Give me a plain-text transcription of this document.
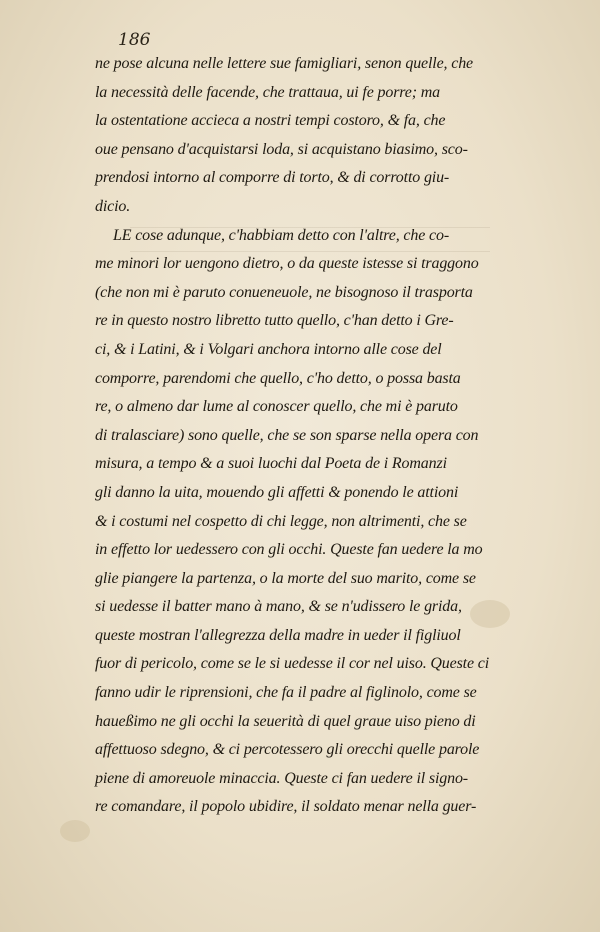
186
ne pose alcuna nelle lettere sue famigliari, senon quelle, che
la necessità delle facende, che trattaua, ui fe porre; ma
la ostentatione accieca a nostri tempi costoro, & fa, che
oue pensano d'acquistarsi loda, si acquistano biasimo, sco-
prendosi intorno al comporre di torto, & di corrotto giu-
dicio.
LE cose adunque, c'habbiam detto con l'altre, che co-
me minori lor uengono dietro, o da queste istesse si traggono
(che non mi è paruto conueneuole, ne bisognoso il trasporta
re in questo nostro libretto tutto quello, c'han detto i Gre-
ci, & i Latini, & i Volgari anchora intorno alle cose del
comporre, parendomi che quello, c'ho detto, o possa basta
re, o almeno dar lume al conoscer quello, che mi è paruto
di tralasciare) sono quelle, che se son sparse nella opera con
misura, a tempo & a suoi luochi dal Poeta de i Romanzi
gli danno la uita, mouendo gli affetti & ponendo le attioni
& i costumi nel cospetto di chi legge, non altrimenti, che se
in effetto lor uedessero con gli occhi. Queste fan uedere la mo
glie piangere la partenza, o la morte del suo marito, come se
si uedesse il batter mano à mano, & se n'udissero le grida,
queste mostran l'allegrezza della madre in ueder il figliuol
fuor di pericolo, come se le si uedesse il cor nel uiso. Queste ci
fanno udir le riprensioni, che fa il padre al figlinolo, come se
haueßimo ne gli occhi la seuerità di quel graue uiso pieno di
affettuoso sdegno, & ci percotessero gli orecchi quelle parole
piene di amoreuole minaccia. Queste ci fan uedere il signo-
re comandare, il popolo ubidire, il soldato menar nella guer-
